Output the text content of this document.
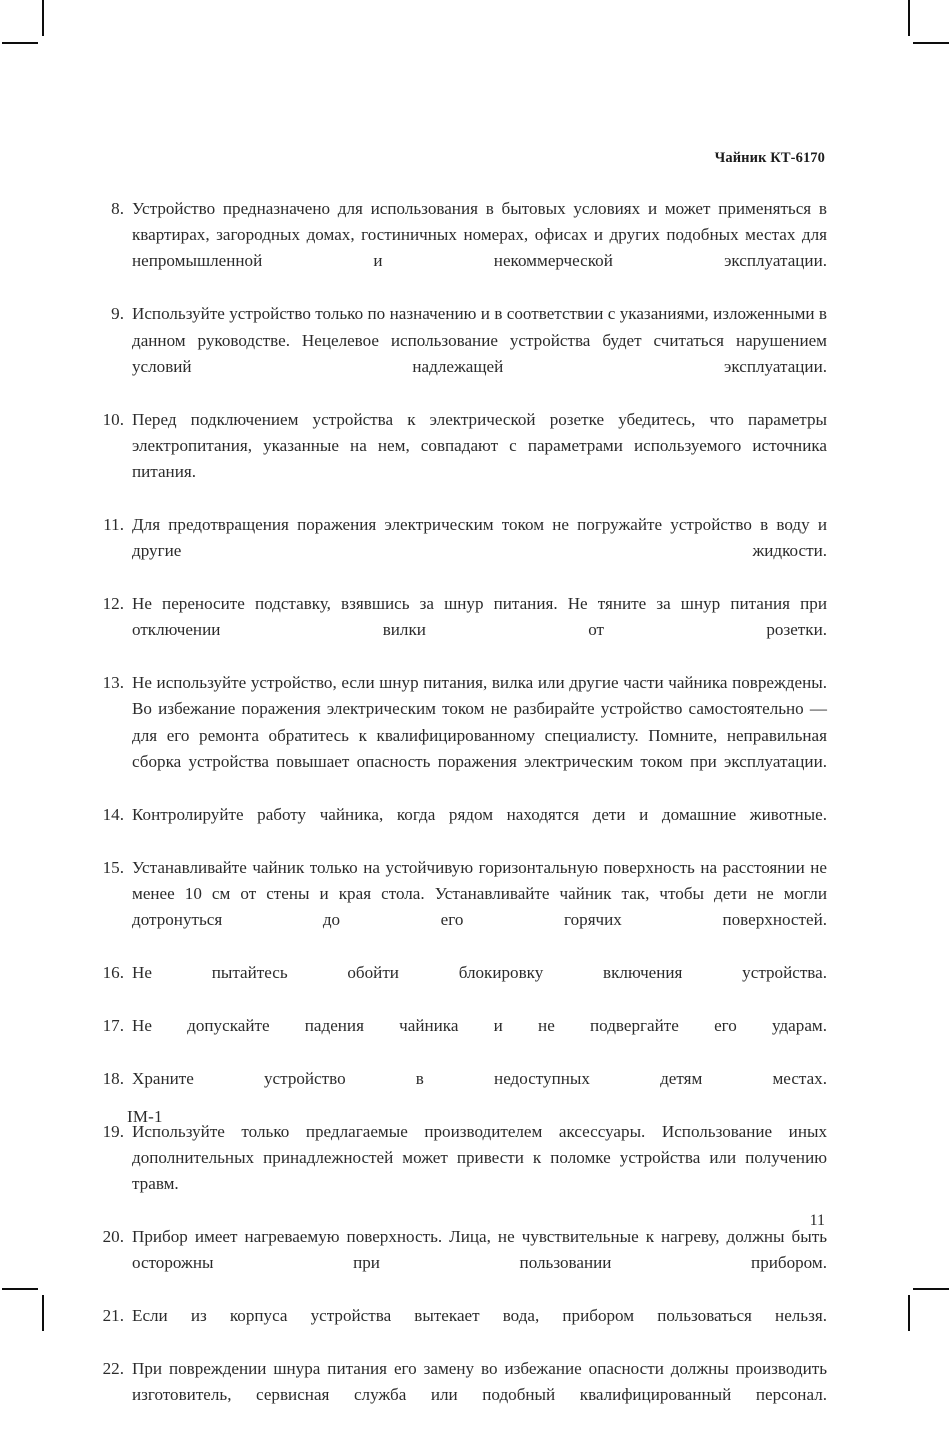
Чайник КТ-6170
8. Устройство предназначено для использования в бытовых условиях и может применяться в квартирах, загородных домах, гостиничных номерах, офисах и других подобных местах для непромышленной и некоммерческой эксплуатации.
9. Используйте устройство только по назначению и в соответствии с указаниями, изложенными в данном руководстве. Нецелевое использование устройства будет считаться нарушением условий надлежащей эксплуатации.
10. Перед подключением устройства к электрической розетке убедитесь, что параметры электропитания, указанные на нем, совпадают с параметрами используемого источника питания.
11. Для предотвращения поражения электрическим током не погружайте устройство в воду и другие жидкости.
12. Не переносите подставку, взявшись за шнур питания. Не тяните за шнур питания при отключении вилки от розетки.
13. Не используйте устройство, если шнур питания, вилка или другие части чайника повреждены. Во избежание поражения электрическим током не разбирайте устройство самостоятельно — для его ремонта обратитесь к квалифицированному специалисту. Помните, неправильная сборка устройства повышает опасность поражения электрическим током при эксплуатации.
14. Контролируйте работу чайника, когда рядом находятся дети и домашние животные.
15. Устанавливайте чайник только на устойчивую горизонтальную поверхность на расстоянии не менее 10 см от стены и края стола. Устанавливайте чайник так, чтобы дети не могли дотронуться до его горячих поверхностей.
16. Не пытайтесь обойти блокировку включения устройства.
17. Не допускайте падения чайника и не подвергайте его ударам.
18. Храните устройство в недоступных детям местах.
19. Используйте только предлагаемые производителем аксессуары. Использование иных дополнительных принадлежностей может привести к поломке устройства или получению травм.
20. Прибор имеет нагреваемую поверхность. Лица, не чувствительные к нагреву, должны быть осторожны при пользовании прибором.
21. Если из корпуса устройства вытекает вода, прибором пользоваться нельзя.
22. При повреждении шнура питания его замену во избежание опасности должны производить изготовитель, сервисная служба или подобный квалифицированный персонал.
IM-1
11
